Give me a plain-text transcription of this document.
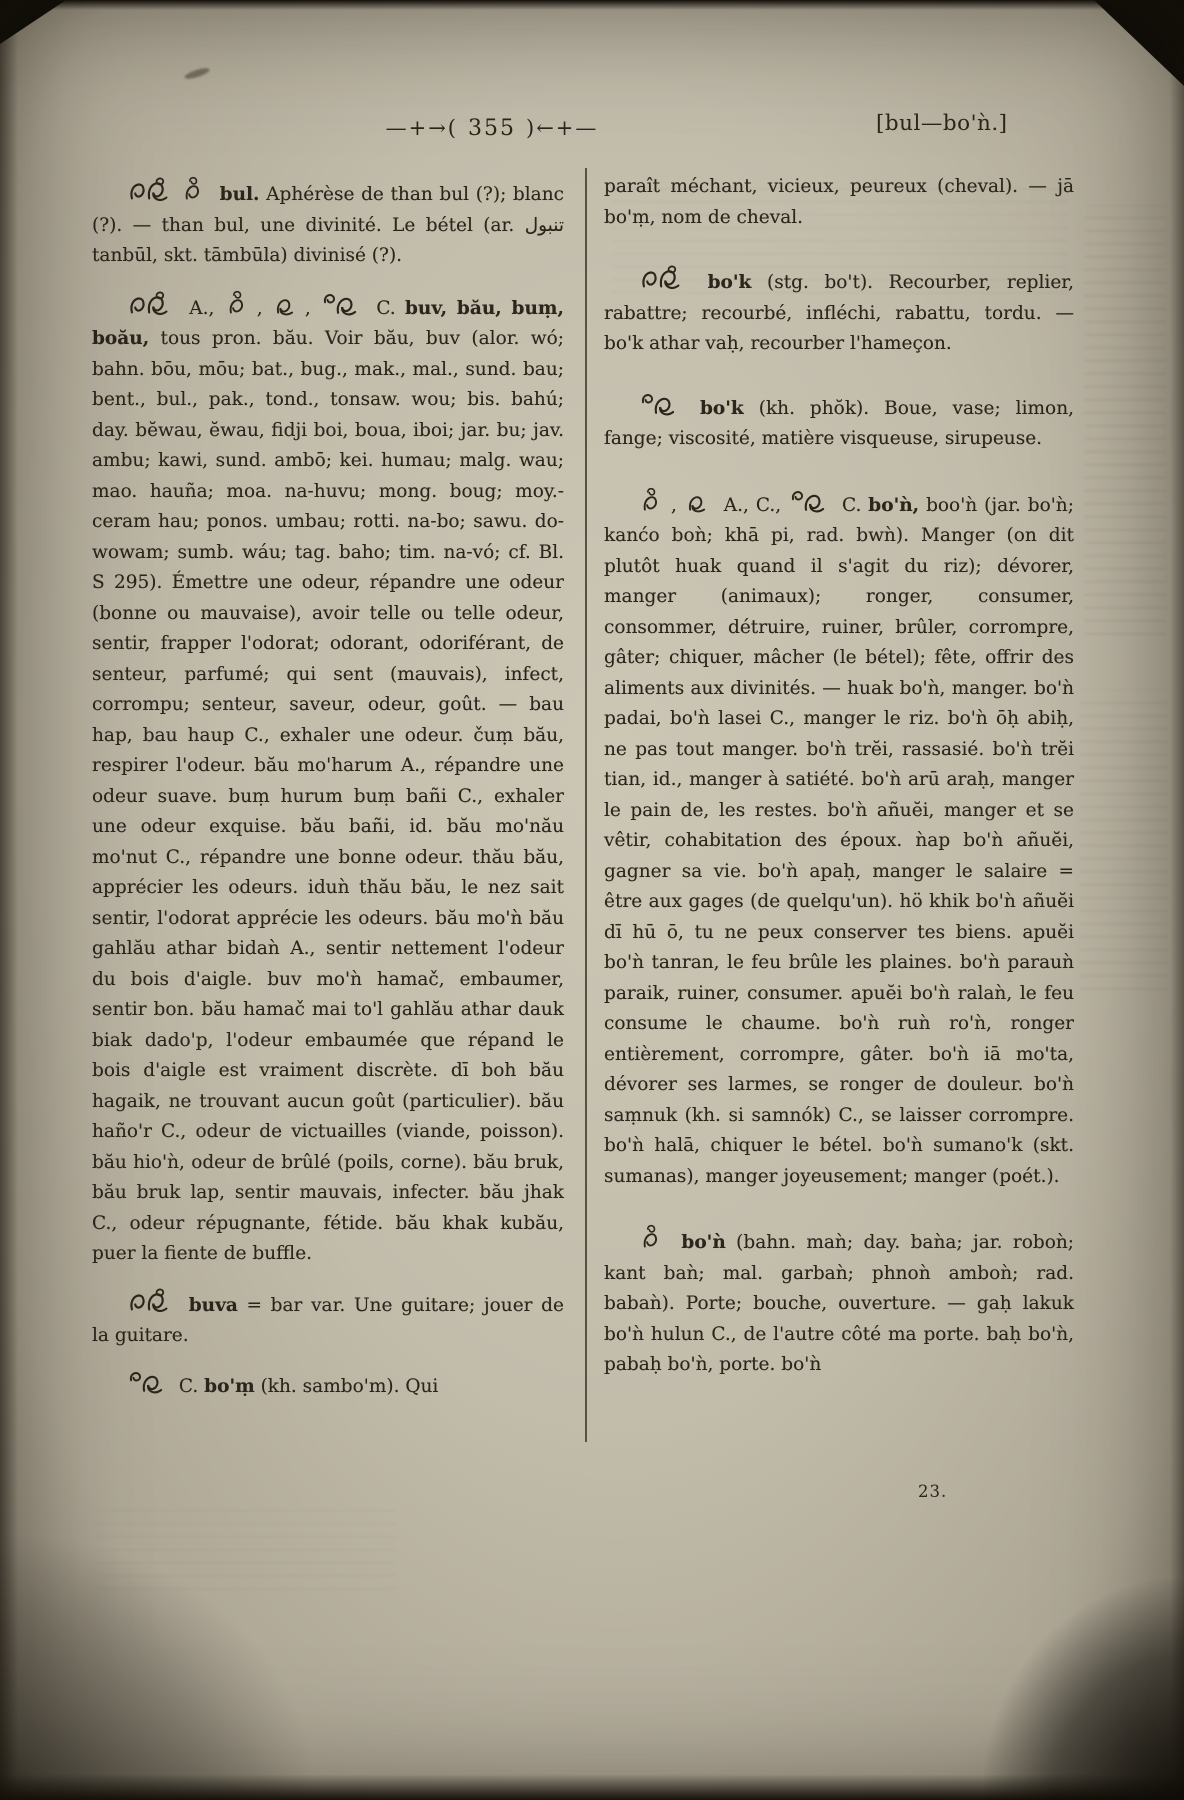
—+→( 355 )←+—	[bul—bo'ǹ.]

bul. Aphérèse de than bul (?); blanc (?). — than bul, une divinité. Le bétel (ar. تنبول tanbūl, skt. tāmbūla) divinisé (?).

A., , ,	C. buv, bău, buṃ, boău, tous pron. bău. Voir bău, buv (alor. wó; bahn. bōu, mōu; bat., bug., mak., mal., sund. bau; bent., bul., pak., tond., tonsaw. wou; bis. bahú; day. bĕwau, ĕwau, fidji boi, boua, iboi; jar. bu; jav. ambu; kawi, sund. ambō; kei. humau; malg. wau; mao. hauña; moa. na-huvu; mong. boug; moy.-ceram hau; ponos. umbau; rotti. na-bo; sawu. do-wowam; sumb. wáu; tag. baho; tim. na-vó; cf. Bl. S 295). Émettre une odeur, répandre une odeur (bonne ou mauvaise), avoir telle ou telle odeur, sentir, frapper l'odorat; odorant, odoriférant, de senteur, parfumé; qui sent (mauvais), infect, corrompu; senteur, saveur, odeur, goût. — bau hap, bau haup C., exhaler une odeur. čuṃ bău, respirer l'odeur. bău mo'harum A., répandre une odeur suave. buṃ hurum buṃ bañi C., exhaler une odeur exquise. bău bañi, id. bău mo'nău mo'nut C., répandre une bonne odeur. thău bău, apprécier les odeurs. iduǹ thău bău, le nez sait sentir, l'odorat apprécie les odeurs. bău mo'ǹ bău gahlău athar bidaǹ A., sentir nettement l'odeur du bois d'aigle. buv mo'ǹ hamač, embaumer, sentir bon. bău hamač mai to'l gahlău athar dauk biak dado'p, l'odeur embaumée que répand le bois d'aigle est vraiment discrète. dī boh bău hagaik, ne trouvant aucun goût (particulier). bău haño'r C., odeur de victuailles (viande, poisson). bău hio'ǹ, odeur de brûlé (poils, corne). bău bruk, bău bruk lap, sentir mauvais, infecter. bău jhak C., odeur répugnante, fétide. bău khak kubău, puer la fiente de buffle.

buva = bar var. Une guitare; jouer de la guitare.

C. bo'ṃ (kh. sambo'm). Qui

paraît méchant, vicieux, peureux (cheval). — jā bo'ṃ, nom de cheval.

bo'k (stg. bo't). Recourber, replier, rabattre; recourbé, infléchi, rabattu, tordu. — bo'k athar vaḥ, recourber l'hameçon.

bo'k (kh. phŏk). Boue, vase; limon, fange; viscosité, matière visqueuse, sirupeuse.

,	A., C.,	C. bo'ǹ, boo'ǹ (jar. bo'ǹ; kanćo boǹ; khā pi, rad. bwǹ). Manger (on dit plutôt huak quand il s'agit du riz); dévorer, manger (animaux); ronger, consumer, consommer, détruire, ruiner, brûler, corrompre, gâter; chiquer, mâcher (le bétel); fête, offrir des aliments aux divinités. — huak bo'ǹ, manger. bo'ǹ padai, bo'ǹ lasei C., manger le riz. bo'ǹ ōḥ abiḥ, ne pas tout manger. bo'ǹ trĕi, rassasié. bo'ǹ trĕi tian, id., manger à satiété. bo'ǹ arū araḥ, manger le pain de, les restes. bo'ǹ añuĕi, manger et se vêtir, cohabitation des époux. ǹap bo'ǹ añuĕi, gagner sa vie. bo'ǹ apaḥ, manger le salaire = être aux gages (de quelqu'un). hö khik bo'ǹ añuĕi dī hū ō, tu ne peux conserver tes biens. apuĕi bo'ǹ tanran, le feu brûle les plaines. bo'ǹ parauǹ paraik, ruiner, consumer. apuĕi bo'ǹ ralaǹ, le feu consume le chaume. bo'ǹ ruǹ ro'ǹ, ronger entièrement, corrompre, gâter. bo'ǹ iā mo'ta, dévorer ses larmes, se ronger de douleur. bo'ǹ saṃnuk (kh. si samnók) C., se laisser corrompre. bo'ǹ halā, chiquer le bétel. bo'ǹ sumano'k (skt. sumanas), manger joyeusement; manger (poét.).

bo'ǹ (bahn. maǹ; day. baǹa; jar. roboǹ; kant baǹ; mal. garbaǹ; phnoǹ amboǹ; rad. babaǹ). Porte; bouche, ouverture. — gaḥ lakuk bo'ǹ hulun C., de l'autre côté ma porte. baḥ bo'ǹ, pabaḥ bo'ǹ, porte. bo'ǹ

23.
